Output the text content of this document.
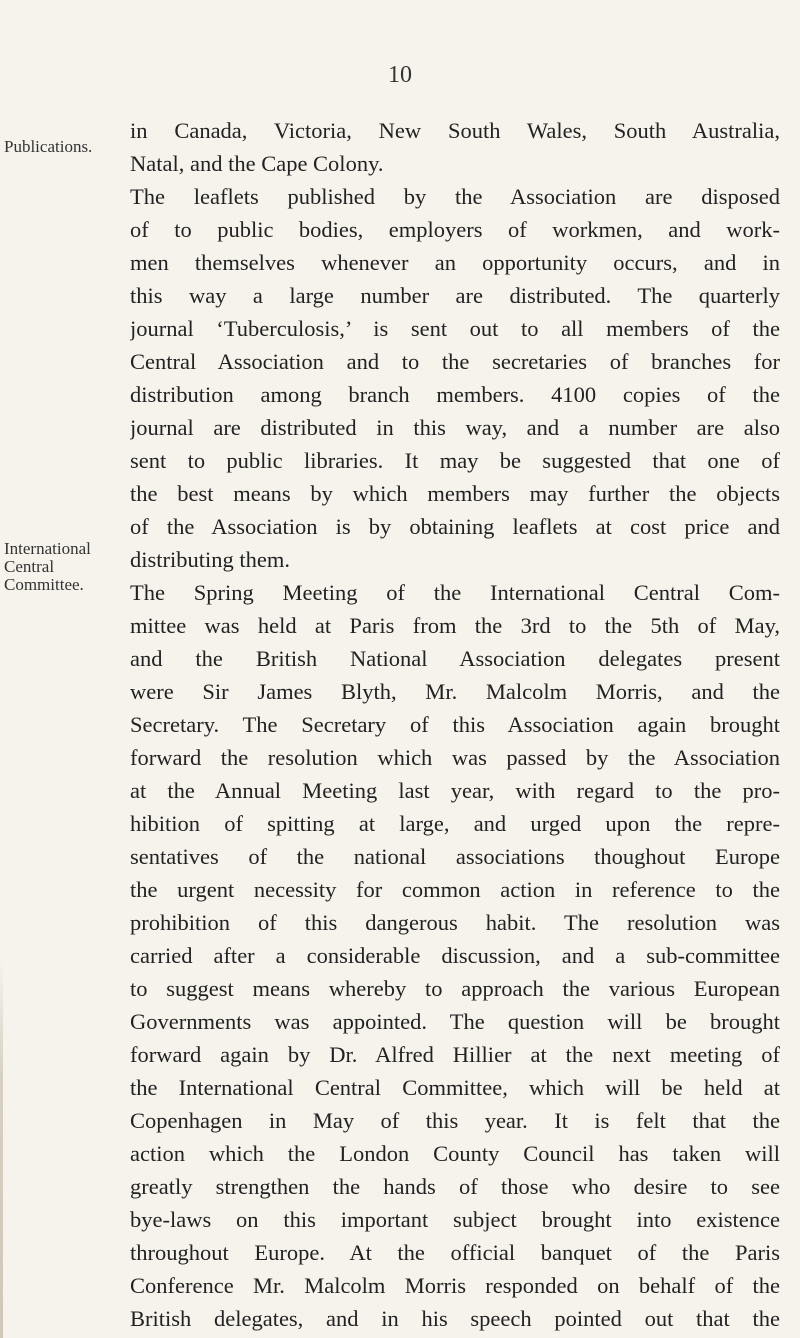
10
Publications.
International
Central
Committee.
in Canada, Victoria, New South Wales, South Australia,
Natal, and the Cape Colony.
The leaflets published by the Association are disposed
of to public bodies, employers of workmen, and work-
men themselves whenever an opportunity occurs, and in
this way a large number are distributed. The quarterly
journal ‘Tuberculosis,’ is sent out to all members of the
Central Association and to the secretaries of branches for
distribution among branch members. 4100 copies of the
journal are distributed in this way, and a number are also
sent to public libraries. It may be suggested that one of
the best means by which members may further the objects
of the Association is by obtaining leaflets at cost price and
distributing them.
The Spring Meeting of the International Central Com-
mittee was held at Paris from the 3rd to the 5th of May,
and the British National Association delegates present
were Sir James Blyth, Mr. Malcolm Morris, and the
Secretary. The Secretary of this Association again brought
forward the resolution which was passed by the Association
at the Annual Meeting last year, with regard to the pro-
hibition of spitting at large, and urged upon the repre-
sentatives of the national associations thoughout Europe
the urgent necessity for common action in reference to the
prohibition of this dangerous habit. The resolution was
carried after a considerable discussion, and a sub-committee
to suggest means whereby to approach the various European
Governments was appointed. The question will be brought
forward again by Dr. Alfred Hillier at the next meeting of
the International Central Committee, which will be held at
Copenhagen in May of this year. It is felt that the
action which the London County Council has taken will
greatly strengthen the hands of those who desire to see
bye-laws on this important subject brought into existence
throughout Europe. At the official banquet of the Paris
Conference Mr. Malcolm Morris responded on behalf of the
British delegates, and in his speech pointed out that the
